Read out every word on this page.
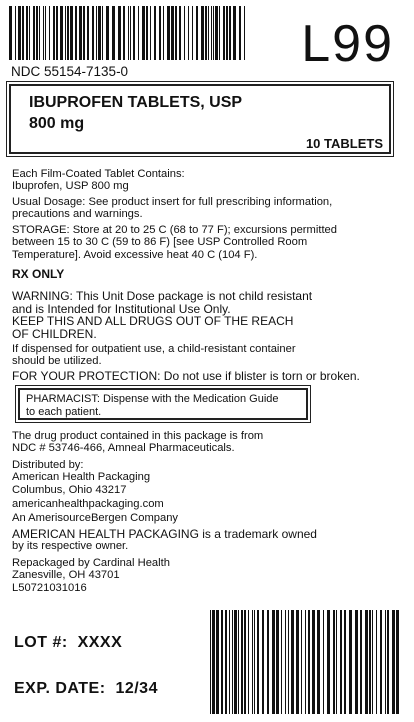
L99
NDC 55154-7135-0
IBUPROFEN TABLETS, USP
800 mg
10 TABLETS
Each Film-Coated Tablet Contains:
Ibuprofen, USP 800 mg
Usual Dosage: See product insert for full prescribing information,
precautions and warnings.
STORAGE: Store at 20 to 25 C (68 to 77 F); excursions permitted
between 15 to 30 C (59 to 86 F) [see USP Controlled Room
Temperature]. Avoid excessive heat 40 C (104 F).
RX ONLY
WARNING: This Unit Dose package is not child resistant
and is Intended for Institutional Use Only.
KEEP THIS AND ALL DRUGS OUT OF THE REACH
OF CHILDREN.
If dispensed for outpatient use, a child-resistant container
should be utilized.
FOR YOUR PROTECTION: Do not use if blister is torn or broken.
PHARMACIST: Dispense with the Medication Guide
to each patient.
The drug product contained in this package is from
NDC # 53746-466, Amneal Pharmaceuticals.
Distributed by:
American Health Packaging
Columbus, Ohio 43217
americanhealthpackaging.com
An AmerisourceBergen Company
AMERICAN HEALTH PACKAGING is a trademark owned
by its respective owner.
Repackaged by Cardinal Health
Zanesville, OH 43701
L50721031016
LOT #: XXXX
EXP. DATE: 12/34
